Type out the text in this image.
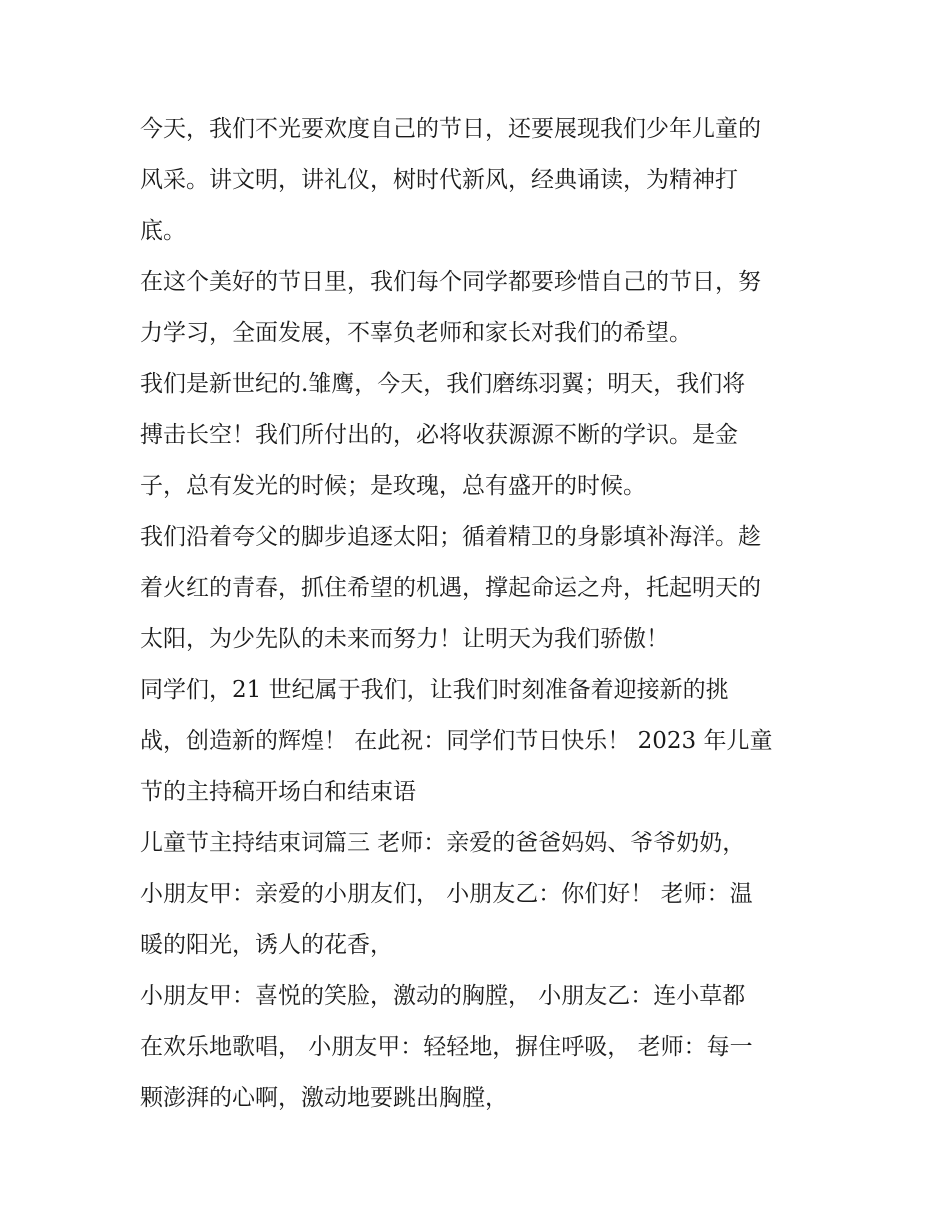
今天，我们不光要欢度自己的节日，还要展现我们少年儿童的
风采。讲文明，讲礼仪，树时代新风，经典诵读，为精神打
底。
在这个美好的节日里，我们每个同学都要珍惜自己的节日，努
力学习，全面发展，不辜负老师和家长对我们的希望。
我们是新世纪的.雏鹰，今天，我们磨练羽翼；明天，我们将
搏击长空！我们所付出的，必将收获源源不断的学识。是金
子，总有发光的时候；是玫瑰，总有盛开的时候。
我们沿着夸父的脚步追逐太阳；循着精卫的身影填补海洋。趁
着火红的青春，抓住希望的机遇，撑起命运之舟，托起明天的
太阳，为少先队的未来而努力！让明天为我们骄傲！
同学们，21 世纪属于我们，让我们时刻准备着迎接新的挑
战，创造新的辉煌！ 在此祝：同学们节日快乐！ 2023 年儿童
节的主持稿开场白和结束语
儿童节主持结束词篇三 老师：亲爱的爸爸妈妈、爷爷奶奶，
小朋友甲：亲爱的小朋友们， 小朋友乙：你们好！ 老师：温
暖的阳光，诱人的花香，
小朋友甲：喜悦的笑脸，激动的胸膛， 小朋友乙：连小草都
在欢乐地歌唱， 小朋友甲：轻轻地，摒住呼吸， 老师：每一
颗澎湃的心啊，激动地要跳出胸膛，
